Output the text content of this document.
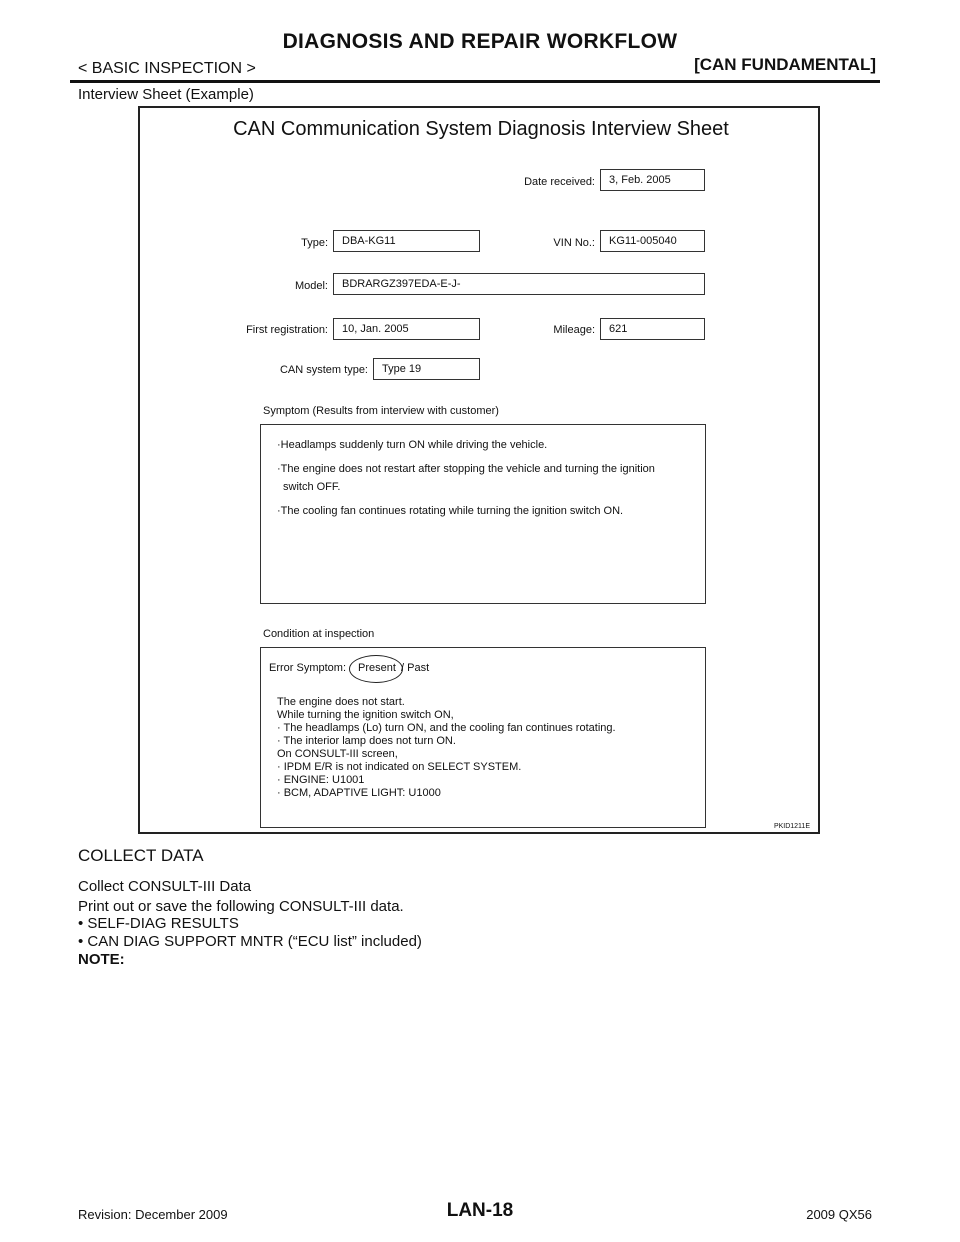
DIAGNOSIS AND REPAIR WORKFLOW
< BASIC INSPECTION >	[CAN FUNDAMENTAL]
Interview Sheet (Example)
CAN Communication System Diagnosis Interview Sheet
Date received:	3, Feb. 2005
Type:	DBA-KG11	VIN No.:	KG11-005040
Model:	BDRARGZ397EDA-E-J-
First registration:	10, Jan. 2005	Mileage:	621
CAN system type:	Type 19
Symptom (Results from interview with customer)
·Headlamps suddenly turn ON while driving the vehicle.
·The engine does not restart after stopping the vehicle and turning the ignition
switch OFF.
·The cooling fan continues rotating while turning the ignition switch ON.
Condition at inspection
Error Symptom: Present / Past
The engine does not start.
While turning the ignition switch ON,
· The headlamps (Lo) turn ON, and the cooling fan continues rotating.
· The interior lamp does not turn ON.
On CONSULT-III screen,
· IPDM E/R is not indicated on SELECT SYSTEM.
· ENGINE: U1001
· BCM, ADAPTIVE LIGHT: U1000
PKID1211E
COLLECT DATA
Collect CONSULT-III Data
Print out or save the following CONSULT-III data.
• SELF-DIAG RESULTS
• CAN DIAG SUPPORT MNTR (“ECU list” included)
NOTE:
Revision: December 2009	LAN-18	2009 QX56
